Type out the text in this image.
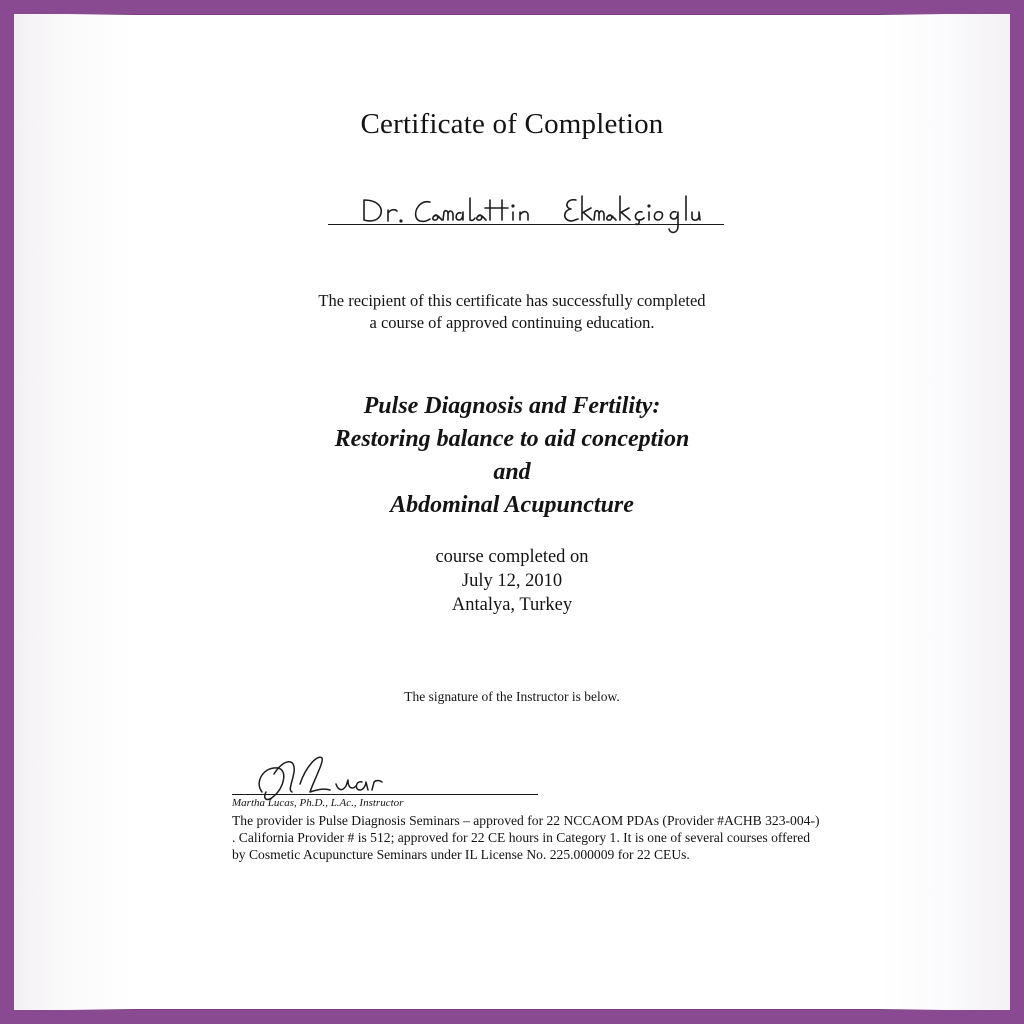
Certificate of Completion
The recipient of this certificate has successfully completed
a course of approved continuing education.
Pulse Diagnosis and Fertility:
Restoring balance to aid conception
and
Abdominal Acupuncture
course completed on
July 12, 2010
Antalya, Turkey
The signature of the Instructor is below.
Martha Lucas, Ph.D., L.Ac., Instructor
The provider is Pulse Diagnosis Seminars – approved for 22 NCCAOM PDAs (Provider #ACHB 323-004-) . California Provider # is 512; approved for 22 CE hours in Category 1. It is one of several courses offered by Cosmetic Acupuncture Seminars under IL License No. 225.000009 for 22 CEUs.
